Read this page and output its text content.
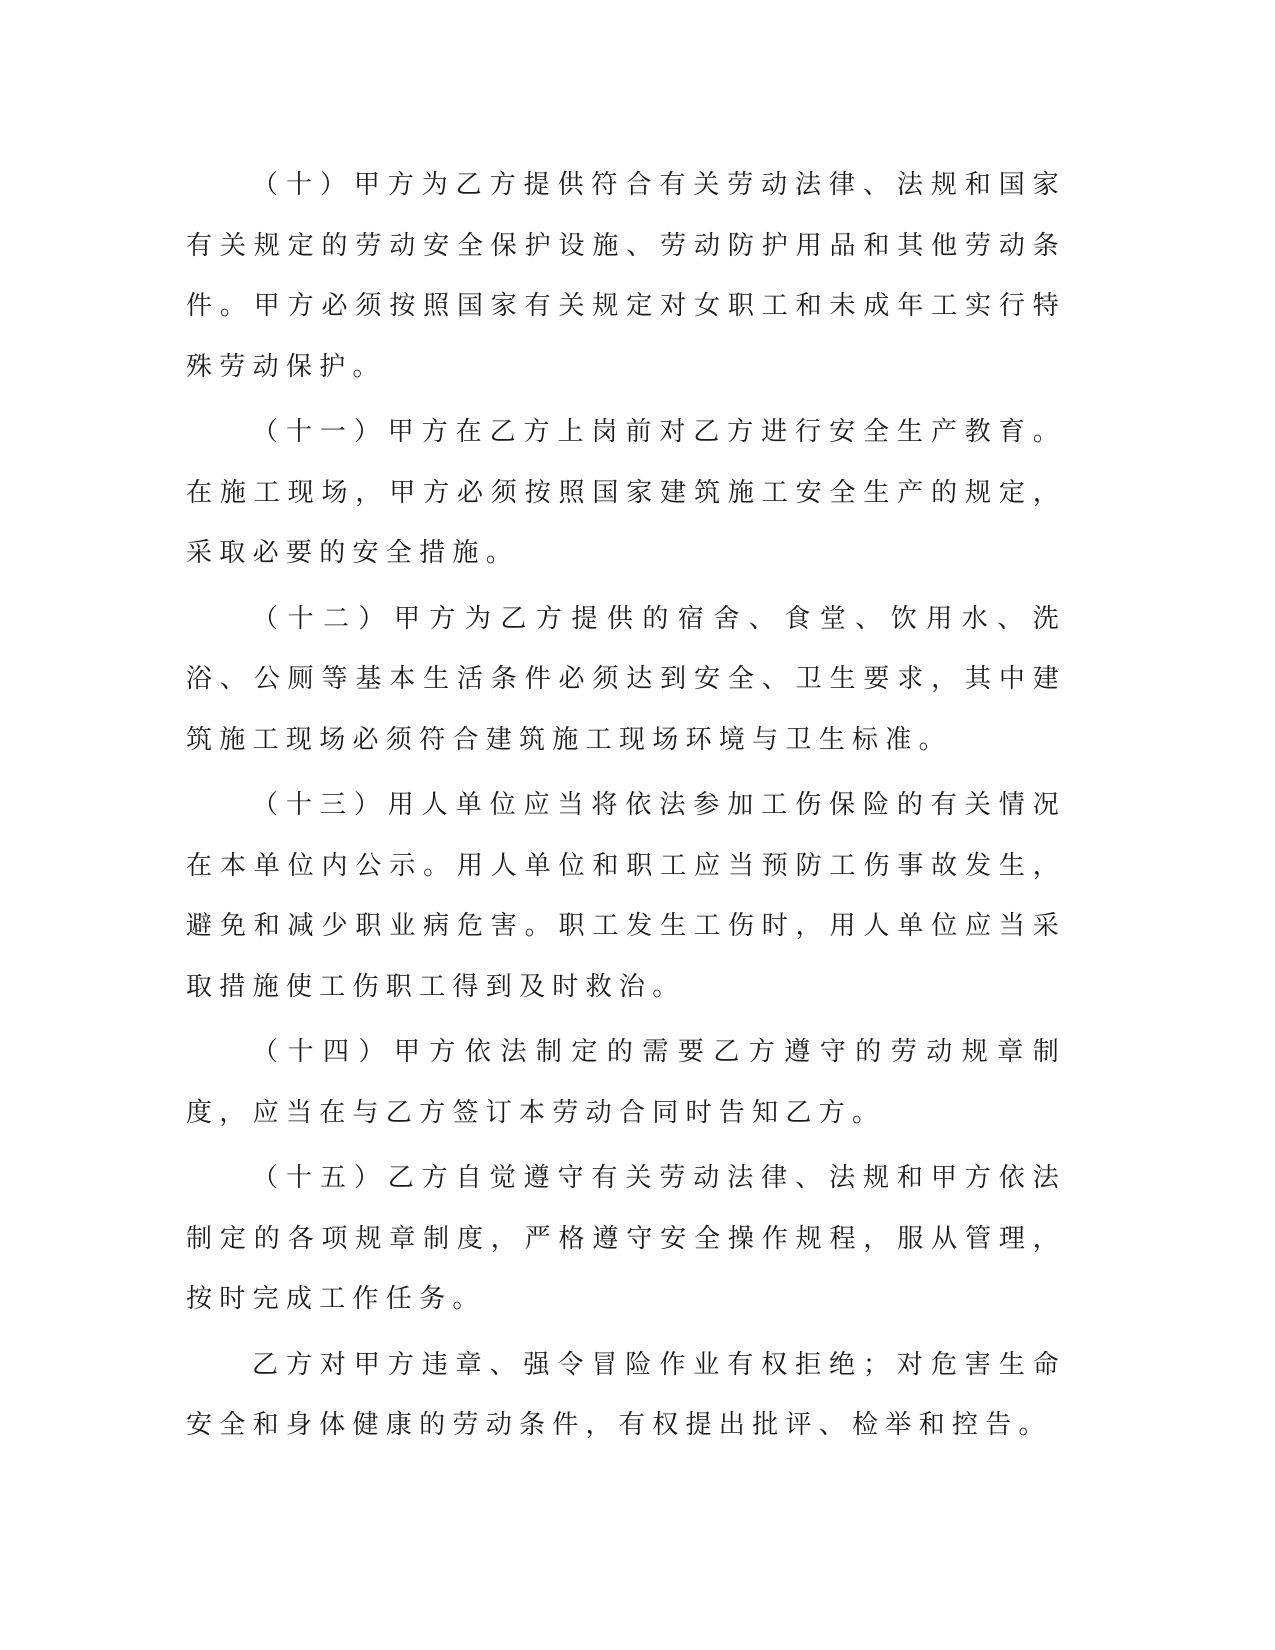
（十）甲方为乙方提供符合有关劳动法律、法规和国家有关规定的劳动安全保护设施、劳动防护用品和其他劳动条件。甲方必须按照国家有关规定对女职工和未成年工实行特殊劳动保护。

（十一）甲方在乙方上岗前对乙方进行安全生产教育。在施工现场，甲方必须按照国家建筑施工安全生产的规定，采取必要的安全措施。

（十二）甲方为乙方提供的宿舍、食堂、饮用水、洗浴、公厕等基本生活条件必须达到安全、卫生要求，其中建筑施工现场必须符合建筑施工现场环境与卫生标准。

（十三）用人单位应当将依法参加工伤保险的有关情况在本单位内公示。用人单位和职工应当预防工伤事故发生，避免和减少职业病危害。职工发生工伤时，用人单位应当采取措施使工伤职工得到及时救治。

（十四）甲方依法制定的需要乙方遵守的劳动规章制度，应当在与乙方签订本劳动合同时告知乙方。

（十五）乙方自觉遵守有关劳动法律、法规和甲方依法制定的各项规章制度，严格遵守安全操作规程，服从管理，按时完成工作任务。

乙方对甲方违章、强令冒险作业有权拒绝；对危害生命安全和身体健康的劳动条件，有权提出批评、检举和控告。
